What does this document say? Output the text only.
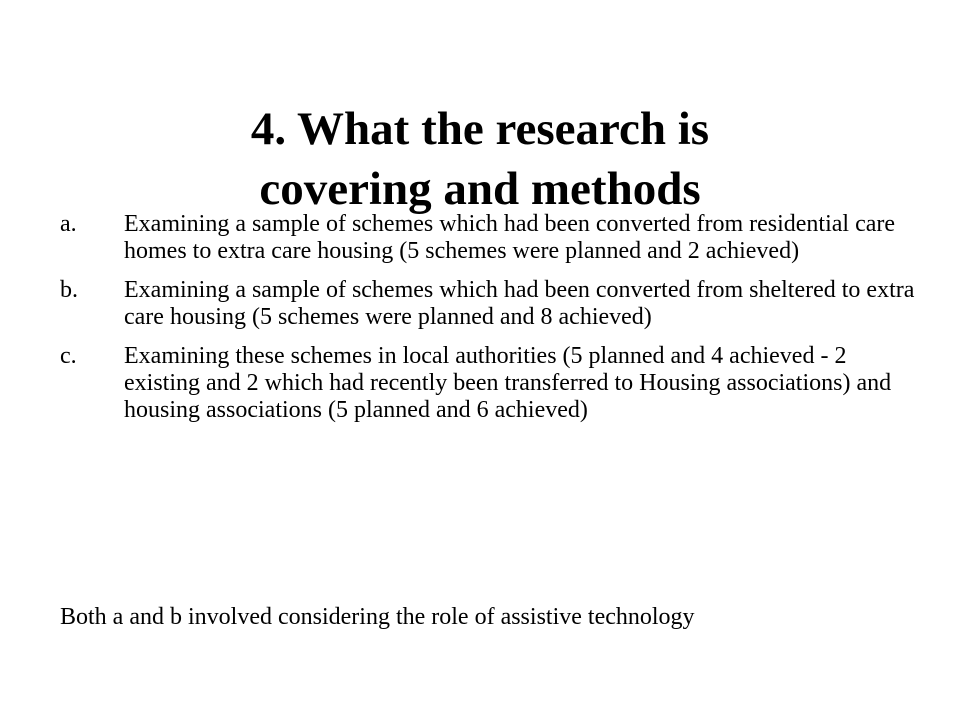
4. What the research is
covering and methods
a.	Examining a sample of schemes which had been converted from residential care homes to extra care housing (5 schemes were planned and 2 achieved)
b.	Examining a sample of schemes which had been converted from sheltered to extra care housing (5 schemes were planned and 8 achieved)
c.	Examining these schemes in local authorities (5 planned and 4 achieved - 2 existing and 2 which had recently been transferred to Housing associations) and housing associations (5 planned and 6 achieved)

Both a and b involved considering the role of assistive technology
